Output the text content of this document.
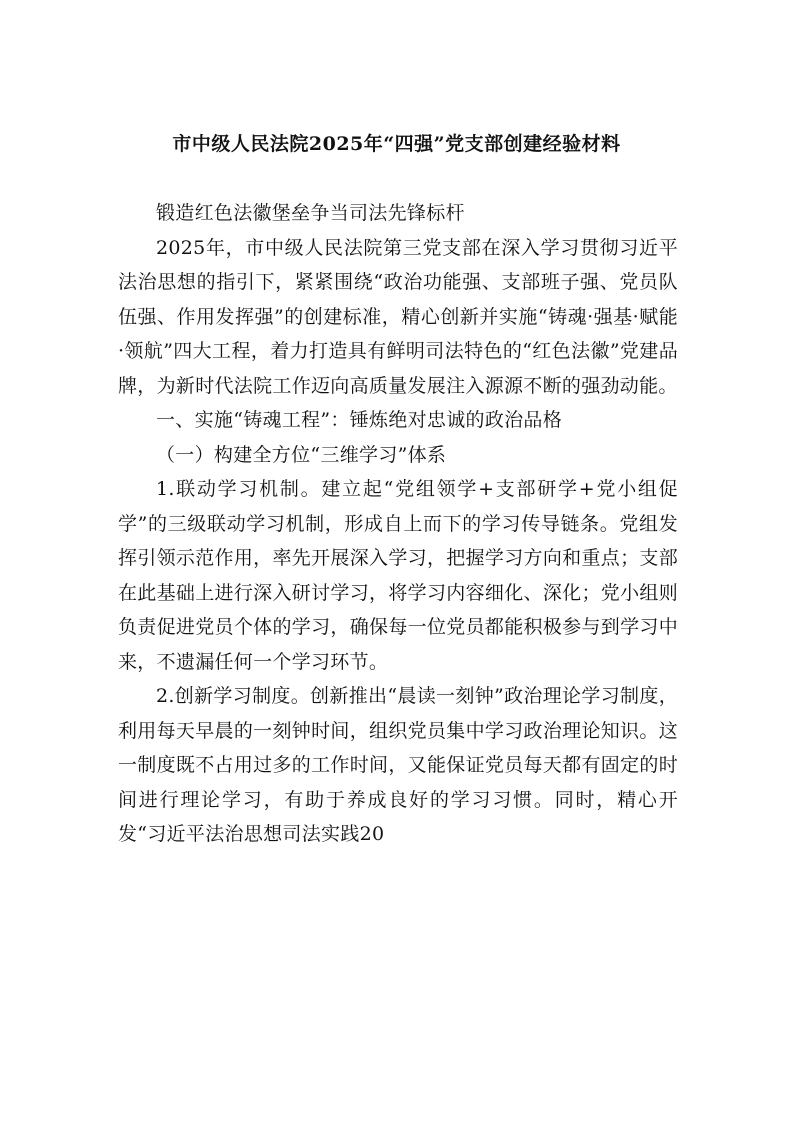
市中级人民法院2025年“四强”党支部创建经验材料

锻造红色法徽堡垒争当司法先锋标杆

2025年，市中级人民法院第三党支部在深入学习贯彻习近平法治思想的指引下，紧紧围绕“政治功能强、支部班子强、党员队伍强、作用发挥强”的创建标准，精心创新并实施“铸魂·强基·赋能·领航”四大工程，着力打造具有鲜明司法特色的“红色法徽”党建品牌，为新时代法院工作迈向高质量发展注入源源不断的强劲动能。

一、实施“铸魂工程”：锤炼绝对忠诚的政治品格

（一）构建全方位“三维学习”体系

1.联动学习机制。建立起“党组领学+支部研学+党小组促学”的三级联动学习机制，形成自上而下的学习传导链条。党组发挥引领示范作用，率先开展深入学习，把握学习方向和重点；支部在此基础上进行深入研讨学习，将学习内容细化、深化；党小组则负责促进党员个体的学习，确保每一位党员都能积极参与到学习中来，不遗漏任何一个学习环节。

2.创新学习制度。创新推出“晨读一刻钟”政治理论学习制度，利用每天早晨的一刻钟时间，组织党员集中学习政治理论知识。这一制度既不占用过多的工作时间，又能保证党员每天都有固定的时间进行理论学习，有助于养成良好的学习习惯。同时，精心开发“习近平法治思想司法实践20
